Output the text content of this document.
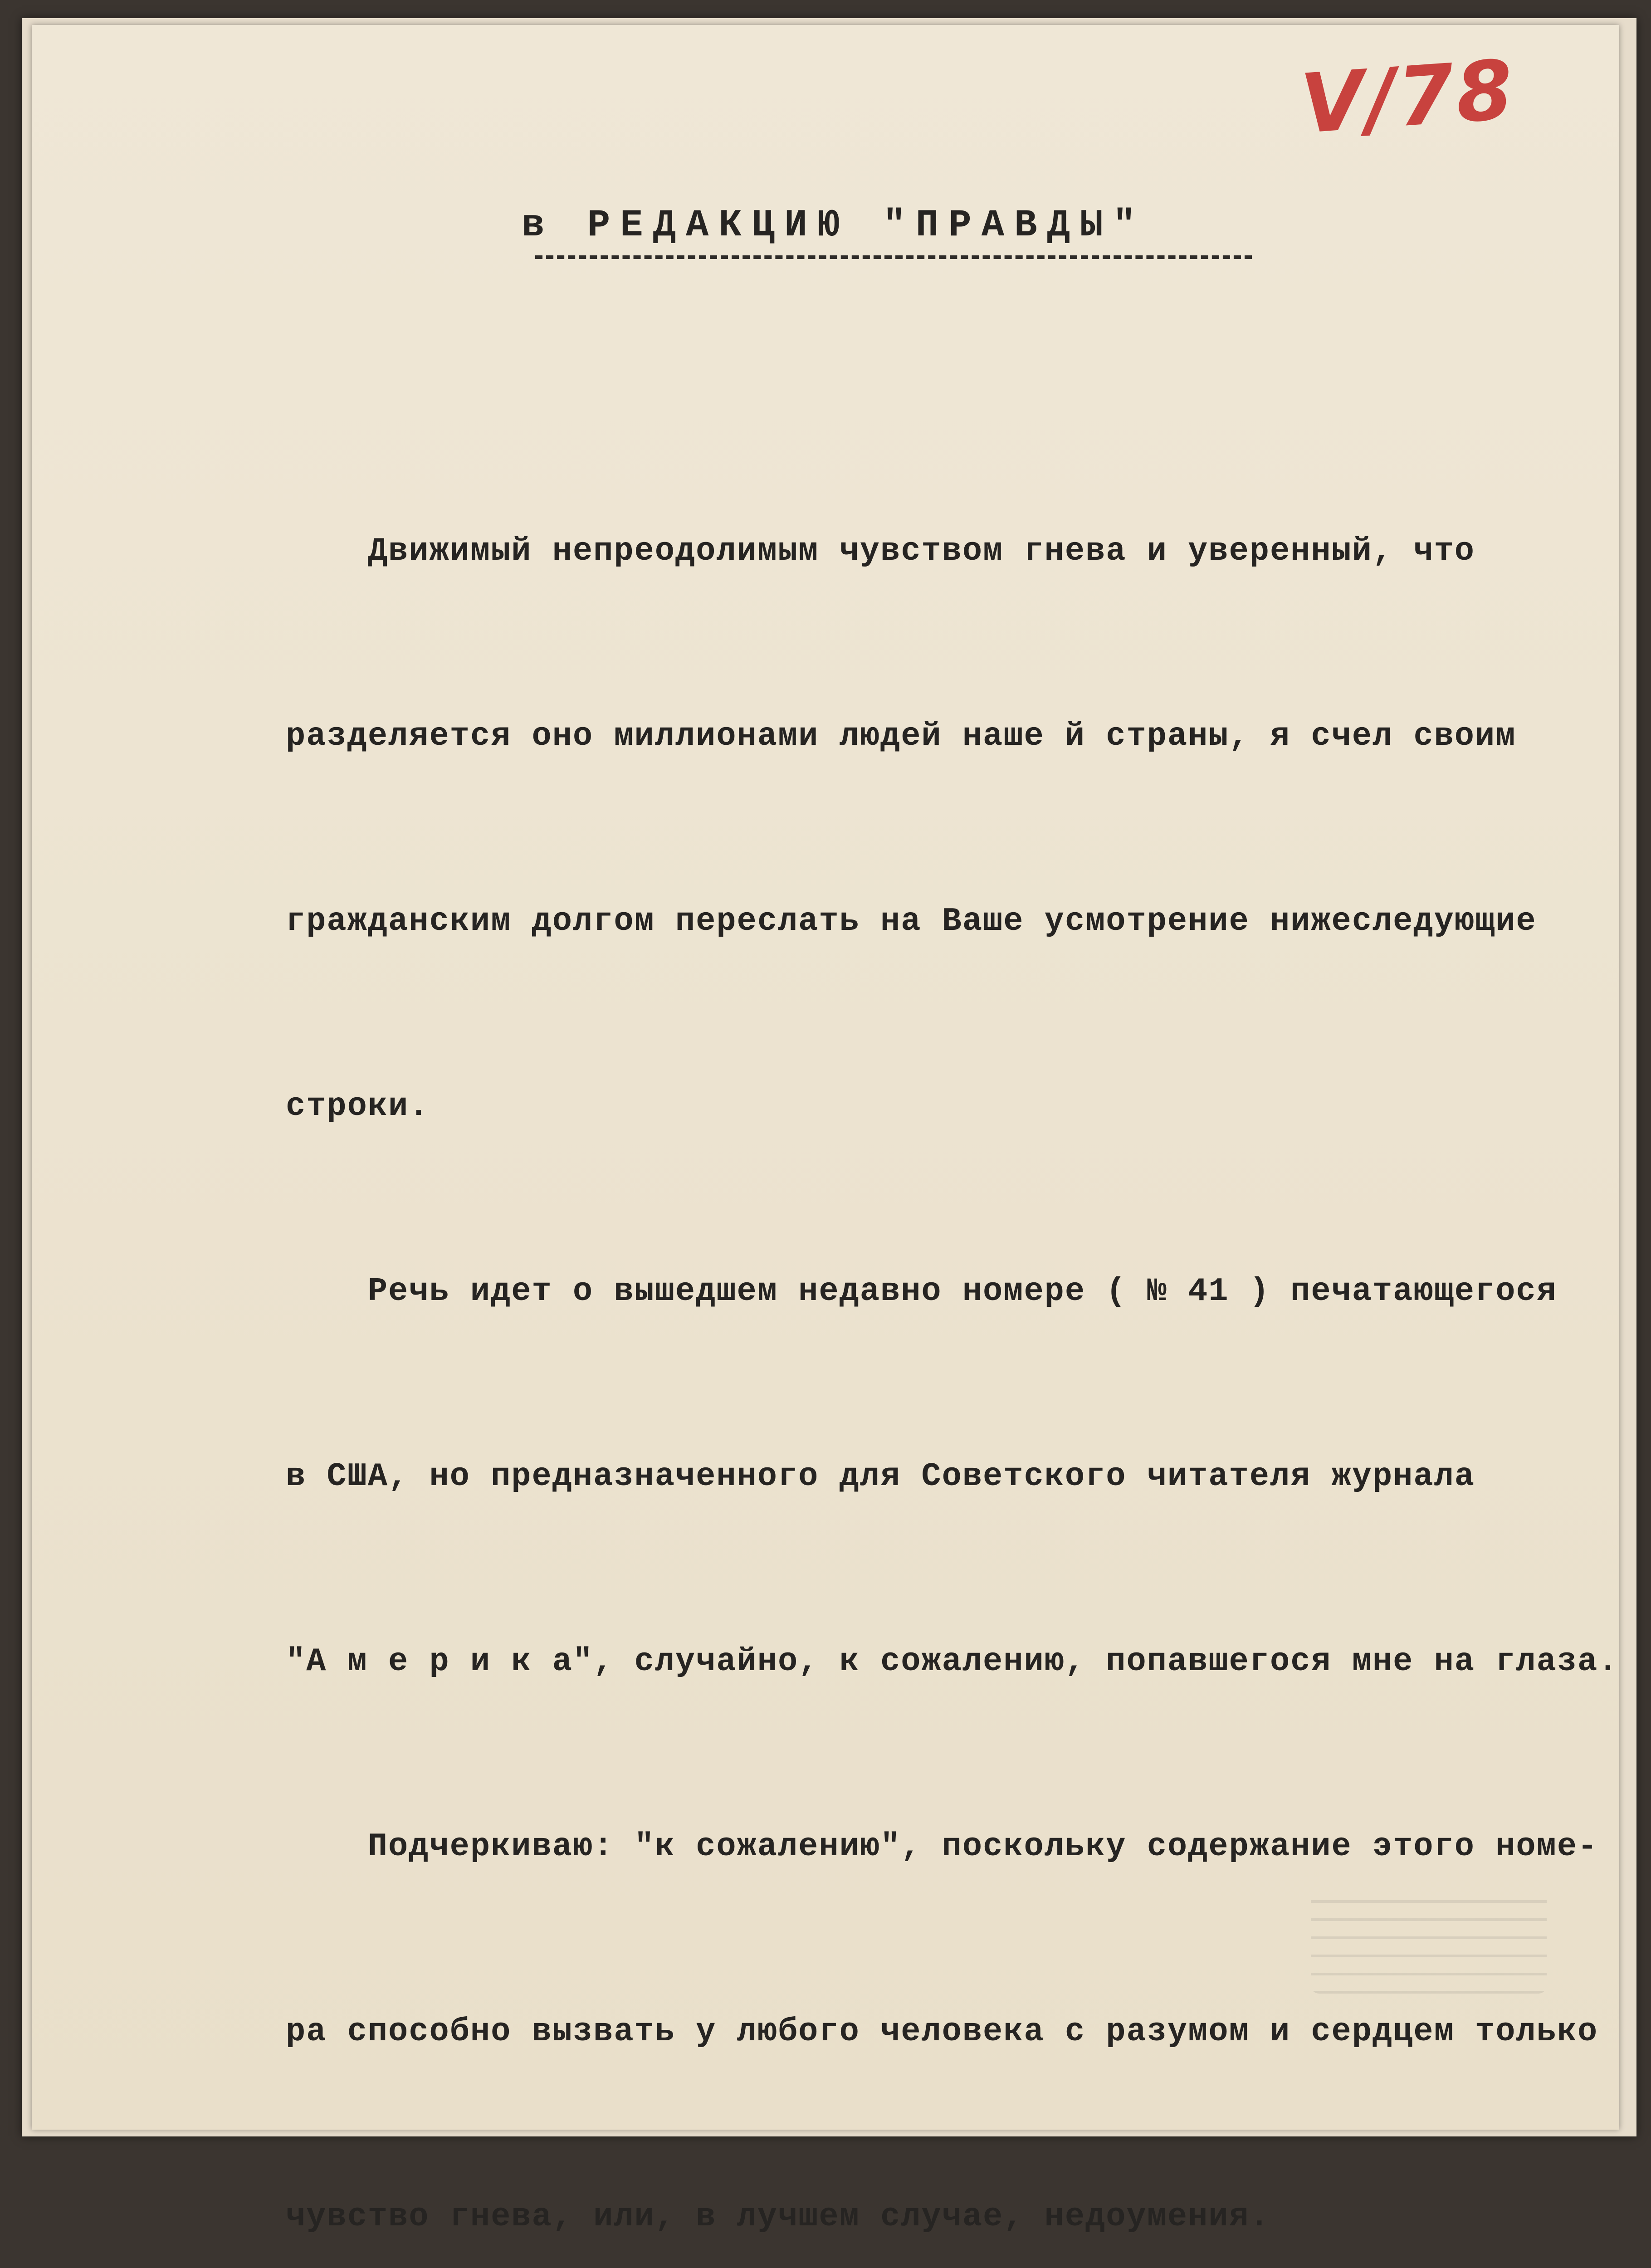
V/78
в РЕДАКЦИЮ "ПРАВДЫ"

Движимый непреодолимым чувством гнева и уверенный, что

разделяется оно миллионами людей наше й страны, я счел своим

гражданским долгом переслать на Ваше усмотрение нижеследующие

строки.

Речь идет о вышедшем недавно номере ( № 41 ) печатающегося

в США, но предназначенного для Советского читателя журнала

"А м е р и к а", случайно, к сожалению, попавшегося мне на глаза.

Подчеркиваю: "к сожалению", поскольку содержание этого номе-

ра способно вызвать у любого человека с разумом и сердцем только

чувство гнева, или, в лучшем случае, недоумения.
